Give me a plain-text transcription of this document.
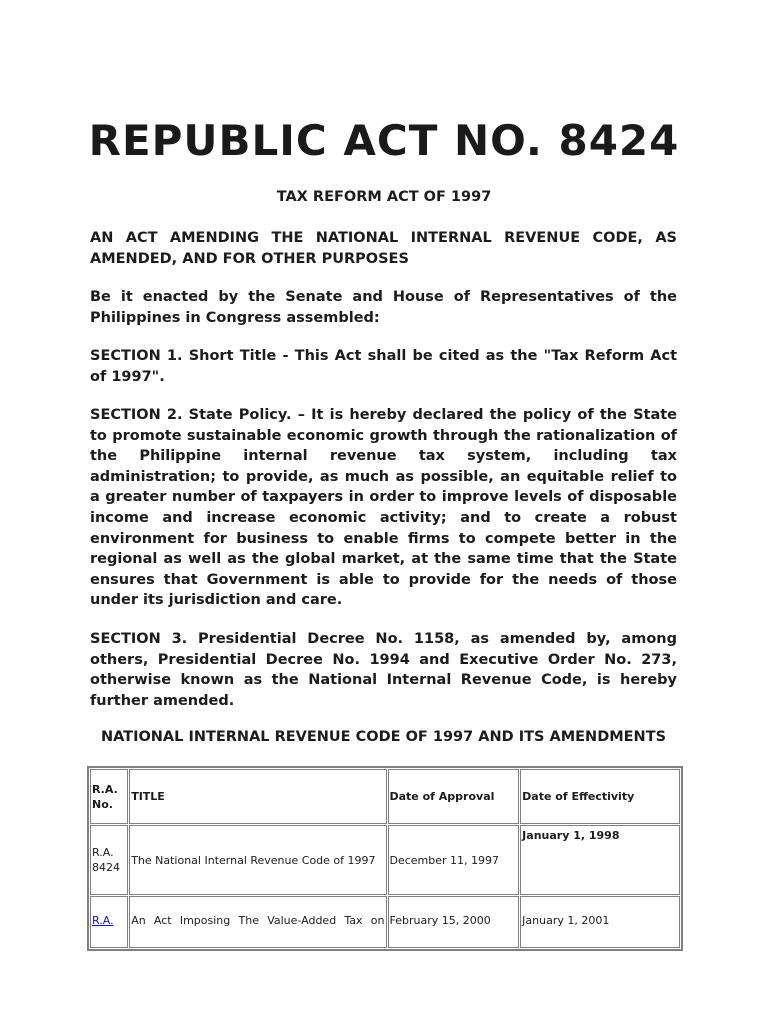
REPUBLIC ACT NO. 8424

TAX REFORM ACT OF 1997

AN ACT AMENDING THE NATIONAL INTERNAL REVENUE CODE, AS AMENDED, AND FOR OTHER PURPOSES

Be it enacted by the Senate and House of Representatives of the Philippines in Congress assembled:

SECTION 1. Short Title - This Act shall be cited as the "Tax Reform Act of 1997".

SECTION 2. State Policy. – It is hereby declared the policy of the State to promote sustainable economic growth through the rationalization of the Philippine internal revenue tax system, including tax administration; to provide, as much as possible, an equitable relief to a greater number of taxpayers in order to improve levels of disposable income and increase economic activity; and to create a robust environment for business to enable firms to compete better in the regional as well as the global market, at the same time that the State ensures that Government is able to provide for the needs of those under its jurisdiction and care.

SECTION 3. Presidential Decree No. 1158, as amended by, among others, Presidential Decree No. 1994 and Executive Order No. 273, otherwise known as the National Internal Revenue Code, is hereby further amended.

NATIONAL INTERNAL REVENUE CODE OF 1997 AND ITS AMENDMENTS

R.A. No.	TITLE	Date of Approval	Date of Effectivity
R.A. 8424	The National Internal Revenue Code of 1997	December 11, 1997	January 1, 1998
R.A.	An Act Imposing The Value-Added Tax on	February 15, 2000	January 1, 2001
